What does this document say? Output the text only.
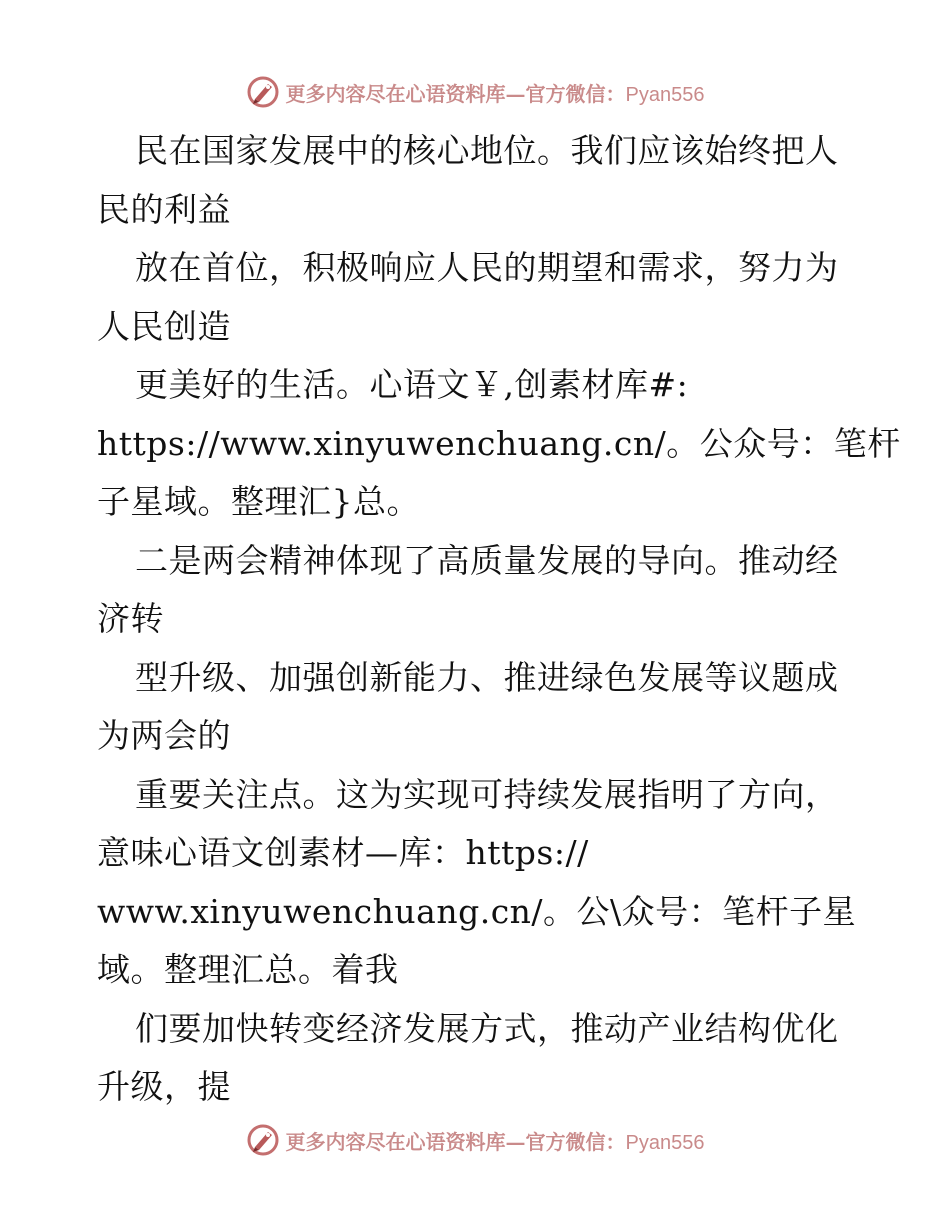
更多内容尽在心语资料库—官方微信：Pyan556
民在国家发展中的核心地位。我们应该始终把人
民的利益
放在首位，积极响应人民的期望和需求，努力为
人民创造
更美好的生活。心语文￥,创素材库#:
https://www.xinyuwenchuang.cn/。公众号：笔杆
子星域。整理汇}总。
二是两会精神体现了高质量发展的导向。推动经
济转
型升级、加强创新能力、推进绿色发展等议题成
为两会的
重要关注点。这为实现可持续发展指明了方向，
意味心语文创素材—库：https://
www.xinyuwenchuang.cn/。公\众号：笔杆子星
域。整理汇总。着我
们要加快转变经济发展方式，推动产业结构优化
升级，提
更多内容尽在心语资料库—官方微信：Pyan556
